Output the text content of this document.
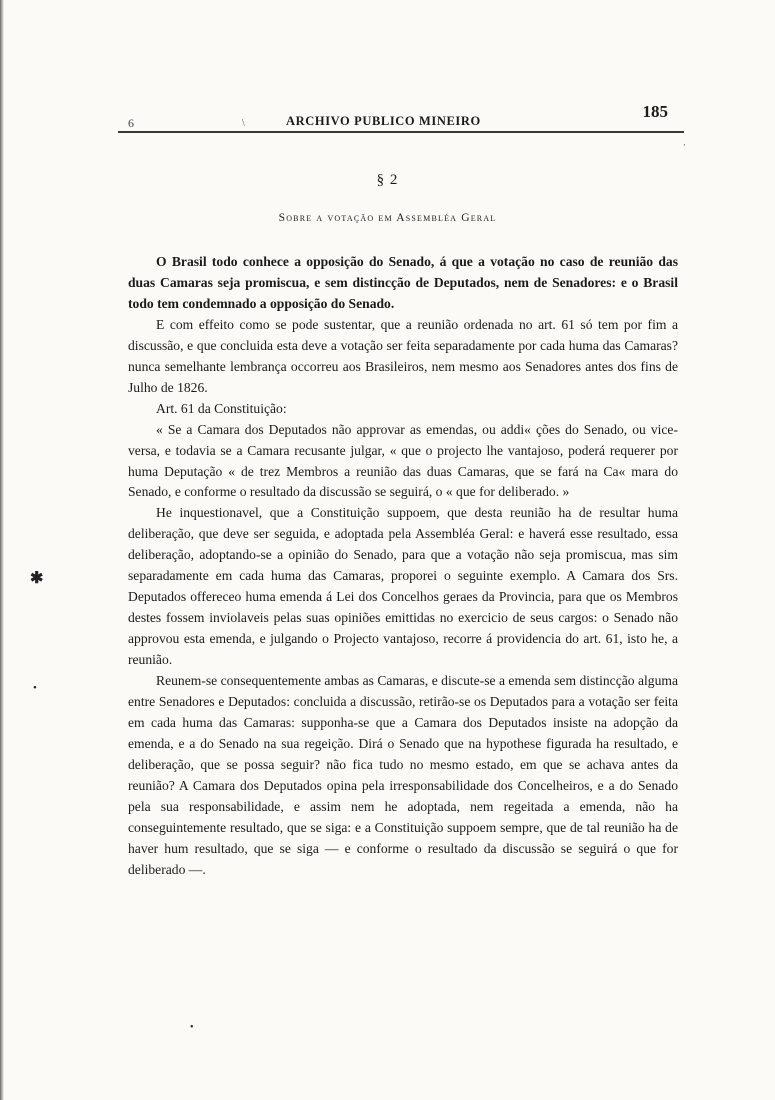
6	\	ARCHIVO PUBLICO MINEIRO	185
§ 2
Sobre a votação em Assembléa Geral

O Brasil todo conhece a opposição do Senado, á que a votação no caso de reunião das duas Camaras seja promiscua, e sem distincção de Deputados, nem de Senadores: e o Brasil todo tem condemnado a opposição do Senado.

E com effeito como se pode sustentar, que a reunião ordenada no art. 61 só tem por fim a discussão, e que concluida esta deve a votação ser feita separadamente por cada huma das Camaras? nunca semelhante lembrança occorreu aos Brasileiros, nem mesmo aos Senadores antes dos fins de Julho de 1826.

Art. 61 da Constituição:

« Se a Camara dos Deputados não approvar as emendas, ou addi« ções do Senado, ou vice-versa, e todavia se a Camara recusante julgar, « que o projecto lhe vantajoso, poderá requerer por huma Deputação « de trez Membros a reunião das duas Camaras, que se fará na Ca« mara do Senado, e conforme o resultado da discussão se seguirá, o « que for deliberado. »

He inquestionavel, que a Constituição suppoem, que desta reunião ha de resultar huma deliberação, que deve ser seguida, e adoptada pela Assembléa Geral: e haverá esse resultado, essa deliberação, adoptando-se a opinião do Senado, para que a votação não seja promiscua, mas sim separadamente em cada huma das Camaras, proporei o seguinte exemplo. A Camara dos Srs. Deputados offereceo huma emenda á Lei dos Concelhos geraes da Provincia, para que os Membros destes fossem inviolaveis pelas suas opiniões emittidas no exercicio de seus cargos: o Senado não approvou esta emenda, e julgando o Projecto vantajoso, recorre á providencia do art. 61, isto he, a reunião.

Reunem-se consequentemente ambas as Camaras, e discute-se a emenda sem distincção alguma entre Senadores e Deputados: concluida a discussão, retirão-se os Deputados para a votação ser feita em cada huma das Camaras: supponha-se que a Camara dos Deputados insiste na adopção da emenda, e a do Senado na sua regeição. Dirá o Senado que na hypothese figurada ha resultado, e deliberação, que se possa seguir? não fica tudo no mesmo estado, em que se achava antes da reunião? A Camara dos Deputados opina pela irresponsabilidade dos Concelheiros, e a do Senado pela sua responsabilidade, e assim nem he adoptada, nem regeitada a emenda, não ha conseguintemente resultado, que se siga: e a Constituição suppoem sempre, que de tal reunião ha de haver hum resultado, que se siga — e conforme o resultado da discussão se seguirá o que for deliberado —.

✱
•
•
·
